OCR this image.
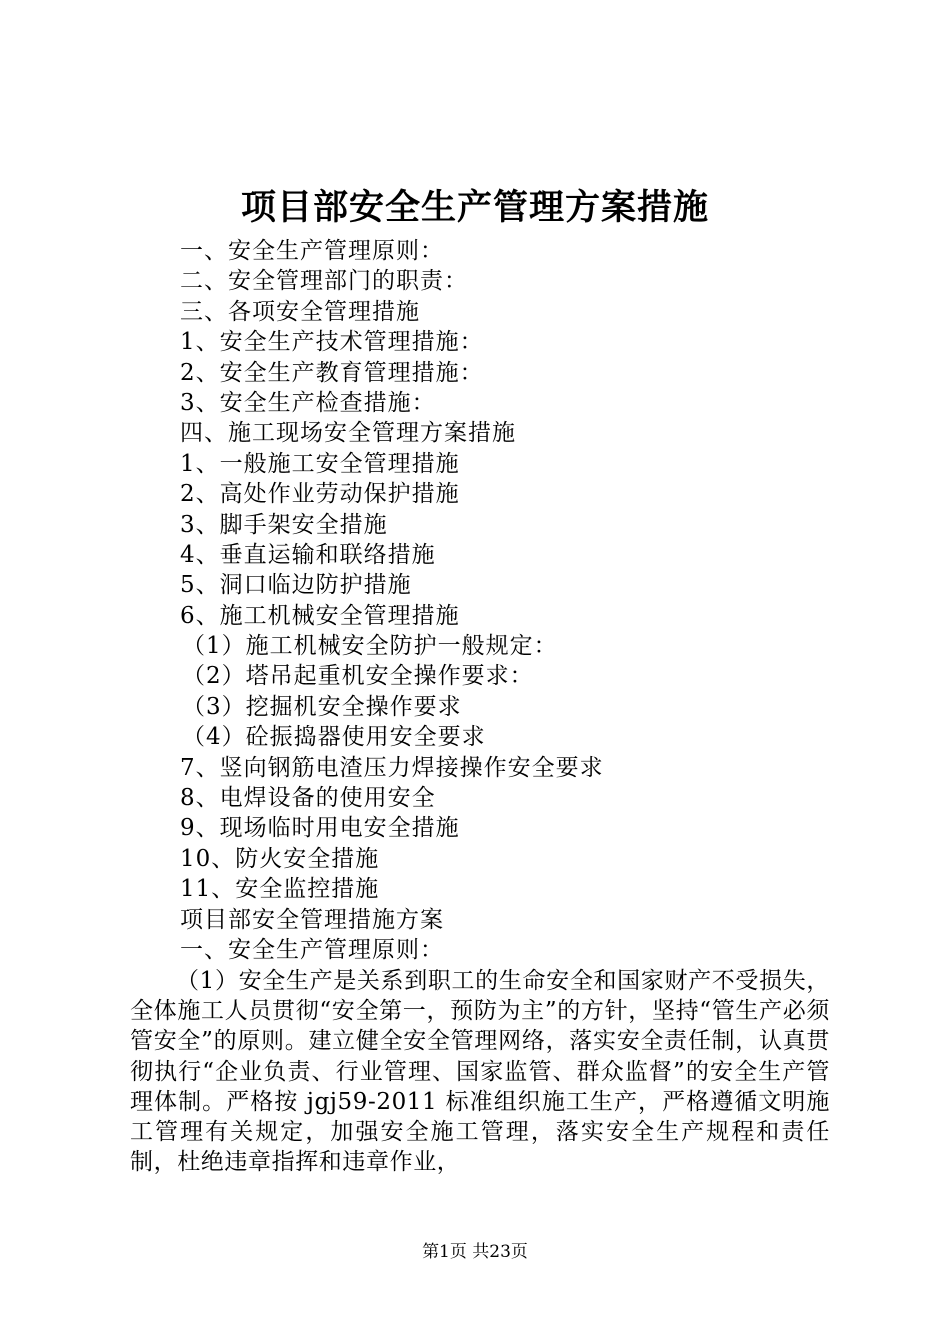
项目部安全生产管理方案措施
一、安全生产管理原则：
二、安全管理部门的职责：
三、各项安全管理措施
1、安全生产技术管理措施：
2、安全生产教育管理措施：
3、安全生产检查措施：
四、施工现场安全管理方案措施
1、一般施工安全管理措施
2、高处作业劳动保护措施
3、脚手架安全措施
4、垂直运输和联络措施
5、洞口临边防护措施
6、施工机械安全管理措施
（1）施工机械安全防护一般规定：
（2）塔吊起重机安全操作要求：
（3）挖掘机安全操作要求
（4）砼振捣器使用安全要求
7、竖向钢筋电渣压力焊接操作安全要求
8、电焊设备的使用安全
9、现场临时用电安全措施
10、防火安全措施
11、安全监控措施
项目部安全管理措施方案
一、安全生产管理原则：
（1）安全生产是关系到职工的生命安全和国家财产不受损失，全体施工人员贯彻“安全第一，预防为主”的方针，坚持“管生产必须管安全”的原则。建立健全安全管理网络，落实安全责任制，认真贯彻执行“企业负责、行业管理、国家监管、群众监督”的安全生产管理体制。严格按 jgj59-2011 标准组织施工生产，严格遵循文明施工管理有关规定，加强安全施工管理，落实安全生产规程和责任制，杜绝违章指挥和违章作业，
第1页 共23页
